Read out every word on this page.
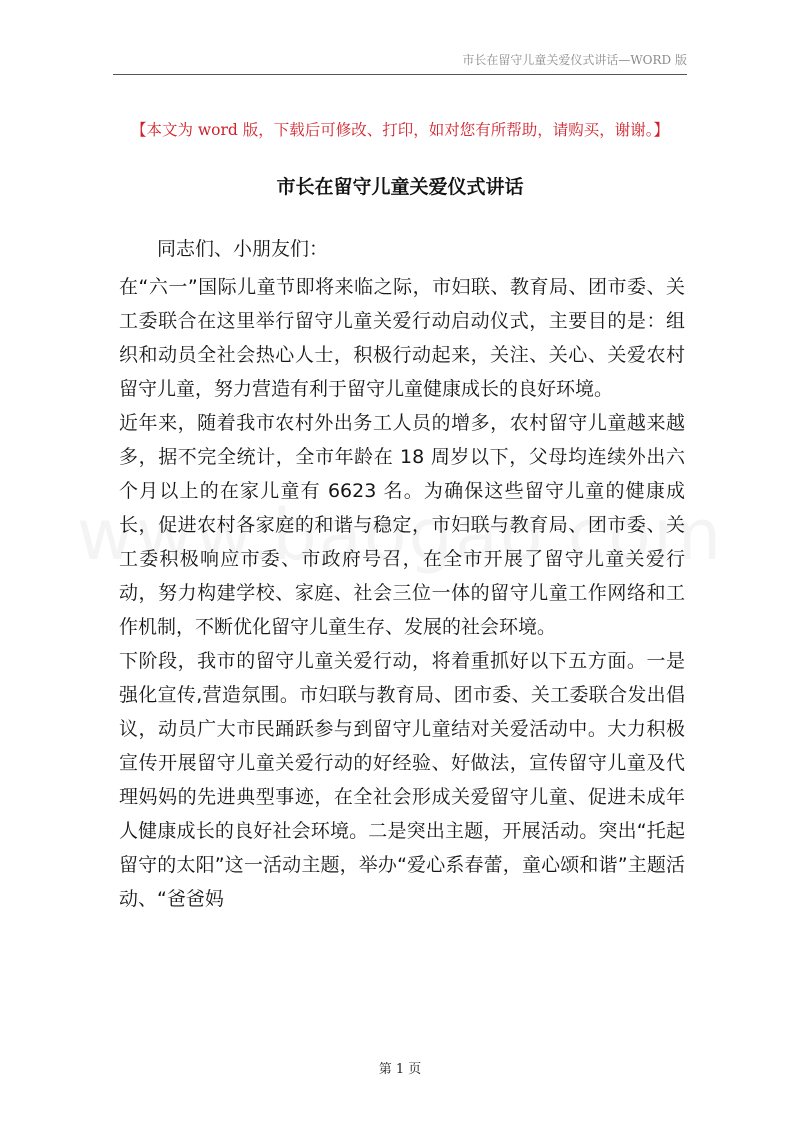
市长在留守儿童关爱仪式讲话—WORD 版
【本文为 word 版，下载后可修改、打印，如对您有所帮助，请购买，谢谢。】
市长在留守儿童关爱仪式讲话

同志们、小朋友们：

在“六一”国际儿童节即将来临之际，市妇联、教育局、团市委、关工委联合在这里举行留守儿童关爱行动启动仪式，主要目的是：组织和动员全社会热心人士，积极行动起来，关注、关心、关爱农村留守儿童，努力营造有利于留守儿童健康成长的良好环境。

近年来，随着我市农村外出务工人员的增多，农村留守儿童越来越多，据不完全统计，全市年龄在 18 周岁以下，父母均连续外出六个月以上的在家儿童有 6623 名。为确保这些留守儿童的健康成长，促进农村各家庭的和谐与稳定，市妇联与教育局、团市委、关工委积极响应市委、市政府号召，在全市开展了留守儿童关爱行动，努力构建学校、家庭、社会三位一体的留守儿童工作网络和工作机制，不断优化留守儿童生存、发展的社会环境。

下阶段，我市的留守儿童关爱行动，将着重抓好以下五方面。一是强化宣传,营造氛围。市妇联与教育局、团市委、关工委联合发出倡议，动员广大市民踊跃参与到留守儿童结对关爱活动中。大力积极宣传开展留守儿童关爱行动的好经验、好做法，宣传留守儿童及代理妈妈的先进典型事迹，在全社会形成关爱留守儿童、促进未成年人健康成长的良好社会环境。二是突出主题，开展活动。突出“托起留守的太阳”这一活动主题，举办“爱心系春蕾，童心颂和谐”主题活动、“爸爸妈

第 1 页
